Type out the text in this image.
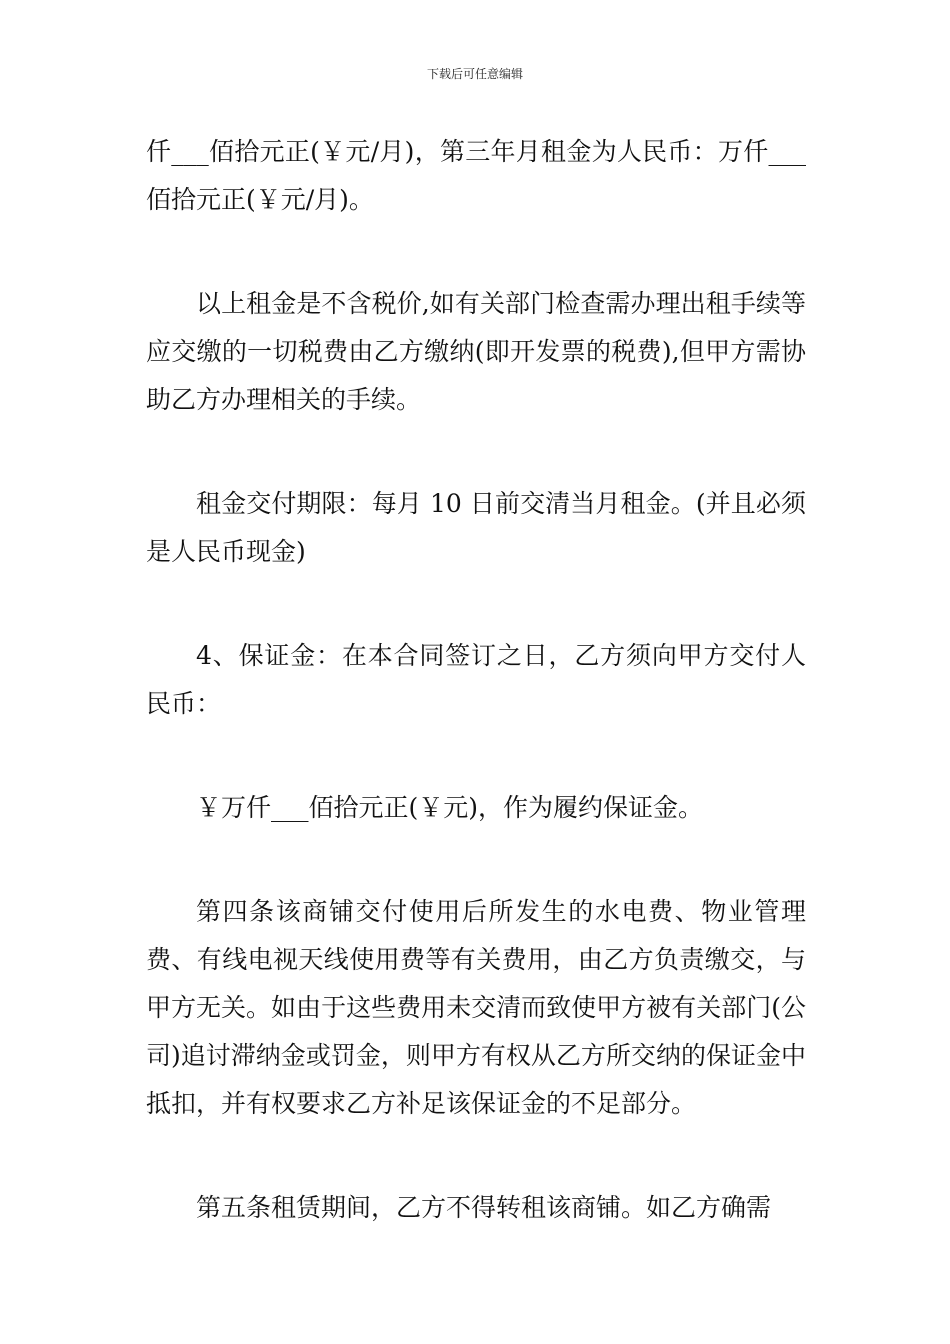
下载后可任意编辑

仟___佰拾元正(￥元/月)，第三年月租金为人民币：万仟___佰拾元正(￥元/月)。

以上租金是不含税价,如有关部门检查需办理出租手续等应交缴的一切税费由乙方缴纳(即开发票的税费),但甲方需协助乙方办理相关的手续。

租金交付期限：每月 10 日前交清当月租金。(并且必须是人民币现金)

4、保证金：在本合同签订之日，乙方须向甲方交付人民币：

￥万仟___佰拾元正(￥元)，作为履约保证金。

第四条该商铺交付使用后所发生的水电费、物业管理费、有线电视天线使用费等有关费用，由乙方负责缴交，与甲方无关。如由于这些费用未交清而致使甲方被有关部门(公司)追讨滞纳金或罚金，则甲方有权从乙方所交纳的保证金中抵扣，并有权要求乙方补足该保证金的不足部分。

第五条租赁期间，乙方不得转租该商铺。如乙方确需
